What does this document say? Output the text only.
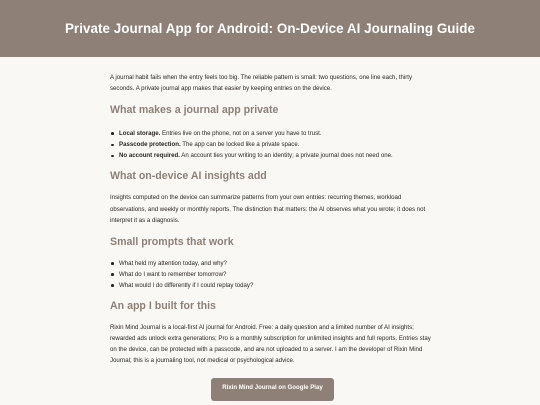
Private Journal App for Android: On-Device AI Journaling Guide

A journal habit fails when the entry feels too big. The reliable pattern is small: two questions, one line each, thirty seconds. A private journal app makes that easier by keeping entries on the device.

What makes a journal app private
Local storage. Entries live on the phone, not on a server you have to trust.
Passcode protection. The app can be locked like a private space.
No account required. An account ties your writing to an identity; a private journal does not need one.
What on-device AI insights add

Insights computed on the device can summarize patterns from your own entries: recurring themes, workload observations, and weekly or monthly reports. The distinction that matters: the AI observes what you wrote; it does not interpret it as a diagnosis.

Small prompts that work
What held my attention today, and why?
What do I want to remember tomorrow?
What would I do differently if I could replay today?
An app I built for this

Rixin Mind Journal is a local-first AI journal for Android. Free: a daily question and a limited number of AI insights; rewarded ads unlock extra generations; Pro is a monthly subscription for unlimited insights and full reports. Entries stay on the device, can be protected with a passcode, and are not uploaded to a server. I am the developer of Rixin Mind Journal; this is a journaling tool, not medical or psychological advice.

Rixin Mind Journal on Google Play
